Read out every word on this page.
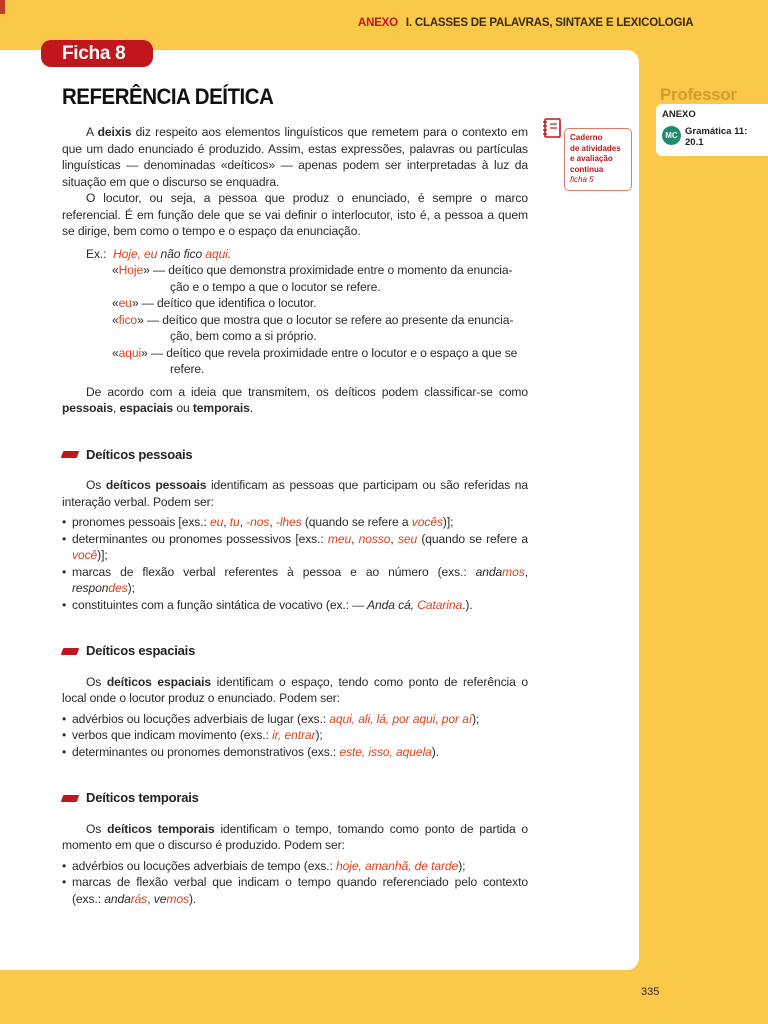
ANEXO I. CLASSES DE PALAVRAS, SINTAXE E LEXICOLOGIA
Ficha 8
REFERÊNCIA DEÍTICA
Caderno
de atividades
e avaliação
contínua
ficha 5
Professor
ANEXO
MC Gramática 11:
20.1

A deixis diz respeito aos elementos linguísticos que remetem para o contexto em que um dado enunciado é produzido. Assim, estas expressões, palavras ou partículas linguísticas — denominadas «deíticos» — apenas podem ser interpretadas à luz da situação em que o discurso se enquadra.

O locutor, ou seja, a pessoa que produz o enunciado, é sempre o marco referencial. É em função dele que se vai definir o interlocutor, isto é, a pessoa a quem se dirige, bem como o tempo e o espaço da enunciação.

Ex.: Hoje, eu não fico aqui.
«Hoje» — deítico que demonstra proximidade entre o momento da enuncia-
ção e o tempo a que o locutor se refere.
«eu» — deítico que identifica o locutor.
«fico» — deítico que mostra que o locutor se refere ao presente da enuncia-
ção, bem como a si próprio.
«aqui» — deítico que revela proximidade entre o locutor e o espaço a que se
refere.

De acordo com a ideia que transmitem, os deíticos podem classificar-se como pessoais, espaciais ou temporais.

Deíticos pessoais

Os deíticos pessoais identificam as pessoas que participam ou são referidas na interação verbal. Podem ser:

• pronomes pessoais [exs.: eu, tu, -nos, -lhes (quando se refere a vocês)];
• determinantes ou pronomes possessivos [exs.: meu, nosso, seu (quando se refere a você)];
• marcas de flexão verbal referentes à pessoa e ao número (exs.: andamos, respondes);
• constituintes com a função sintática de vocativo (ex.: — Anda cá, Catarina.).
Deíticos espaciais

Os deíticos espaciais identificam o espaço, tendo como ponto de referência o local onde o locutor produz o enunciado. Podem ser:

• advérbios ou locuções adverbiais de lugar (exs.: aqui, ali, lá, por aqui, por aí);
• verbos que indicam movimento (exs.: ir, entrar);
• determinantes ou pronomes demonstrativos (exs.: este, isso, aquela).
Deíticos temporais

Os deíticos temporais identificam o tempo, tomando como ponto de partida o momento em que o discurso é produzido. Podem ser:

• advérbios ou locuções adverbiais de tempo (exs.: hoje, amanhã, de tarde);
• marcas de flexão verbal que indicam o tempo quando referenciado pelo contexto (exs.: andarás, vemos).
335
